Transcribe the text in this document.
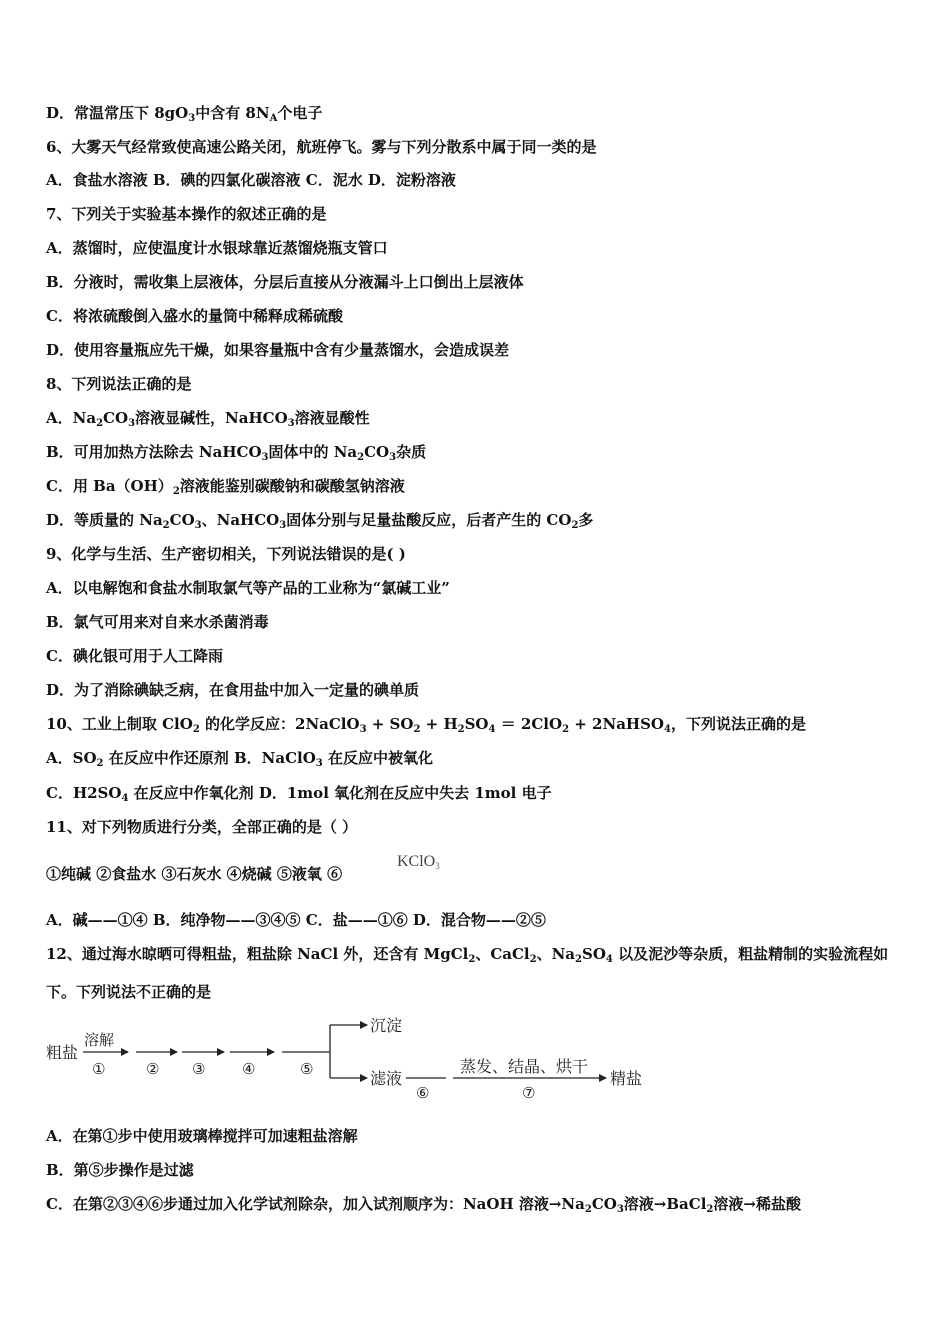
D．常温常压下 $8gO_3$中含有 $8N_A$个电子
6、大雾天气经常致使高速公路关闭，航班停飞。雾与下列分散系中属于同一类的是
A．食盐水溶液 B．碘的四氯化碳溶液 C．泥水 D．淀粉溶液
7、下列关于实验基本操作的叙述正确的是
A．蒸馏时，应使温度计水银球靠近蒸馏烧瓶支管口
B．分液时，需收集上层液体，分层后直接从分液漏斗上口倒出上层液体
C．将浓硫酸倒入盛水的量筒中稀释成稀硫酸
D．使用容量瓶应先干燥，如果容量瓶中含有少量蒸馏水，会造成误差
8、下列说法正确的是
A．$Na_2CO_3$溶液显碱性，NaHCO$_3$溶液显酸性
B．可用加热方法除去 NaHCO$_3$固体中的 $Na_2CO_3$杂质
C．用 $Ba(OH)_2$溶液能鉴别碳酸钠和碳酸氢钠溶液
D．等质量的 $Na_2CO_3$、NaHCO$_3$固体分别与足量盐酸反应，后者产生的 $CO_2$多
9、化学与生活、生产密切相关，下列说法错误的是( )
A．以电解饱和食盐水制取氯气等产品的工业称为“氯碱工业”
B．氯气可用来对自来水杀菌消毒
C．碘化银可用于人工降雨
D．为了消除碘缺乏病，在食用盐中加入一定量的碘单质
10、工业上制取 ClO$_2$ 的化学反应：2NaClO$_3$ + $SO_2 + H_2SO_4 = 2ClO_2$ + 2NaHSO$_4$，下列说法正确的是
A．$SO_2$ 在反应中作还原剂 B．NaClO$_3$ 在反应中被氧化
C．$H2SO_4$ 在反应中作氧化剂 D．1mol 氧化剂在反应中失去 1mol 电子
11、对下列物质进行分类，全部正确的是（ ）
①纯碱 ②食盐水 ③石灰水 ④烧碱 ⑤液氧 ⑥
KClO$_3$
A．碱——①④ B．纯净物——③④⑤ C．盐——①⑥ D．混合物——②⑤
12、通过海水晾晒可得粗盐，粗盐除 NaCl 外，还含有 MgCl$_2$、CaCl$_2$、$Na_2SO_4$ 以及泥沙等杂质，粗盐精制的实验流程如
下。下列说法不正确的是
粗盐
溶解
①	② ③ ④	⑤
沉淀
滤液
⑥
蒸发、结晶、烘干
⑦
精盐
A．在第①步中使用玻璃棒搅拌可加速粗盐溶解
B．第⑤步操作是过滤
C．在第②③④⑥步通过加入化学试剂除杂，加入试剂顺序为：NaOH 溶液$\to Na_2CO_3$溶液→BaCl$_2$溶液→稀盐酸
